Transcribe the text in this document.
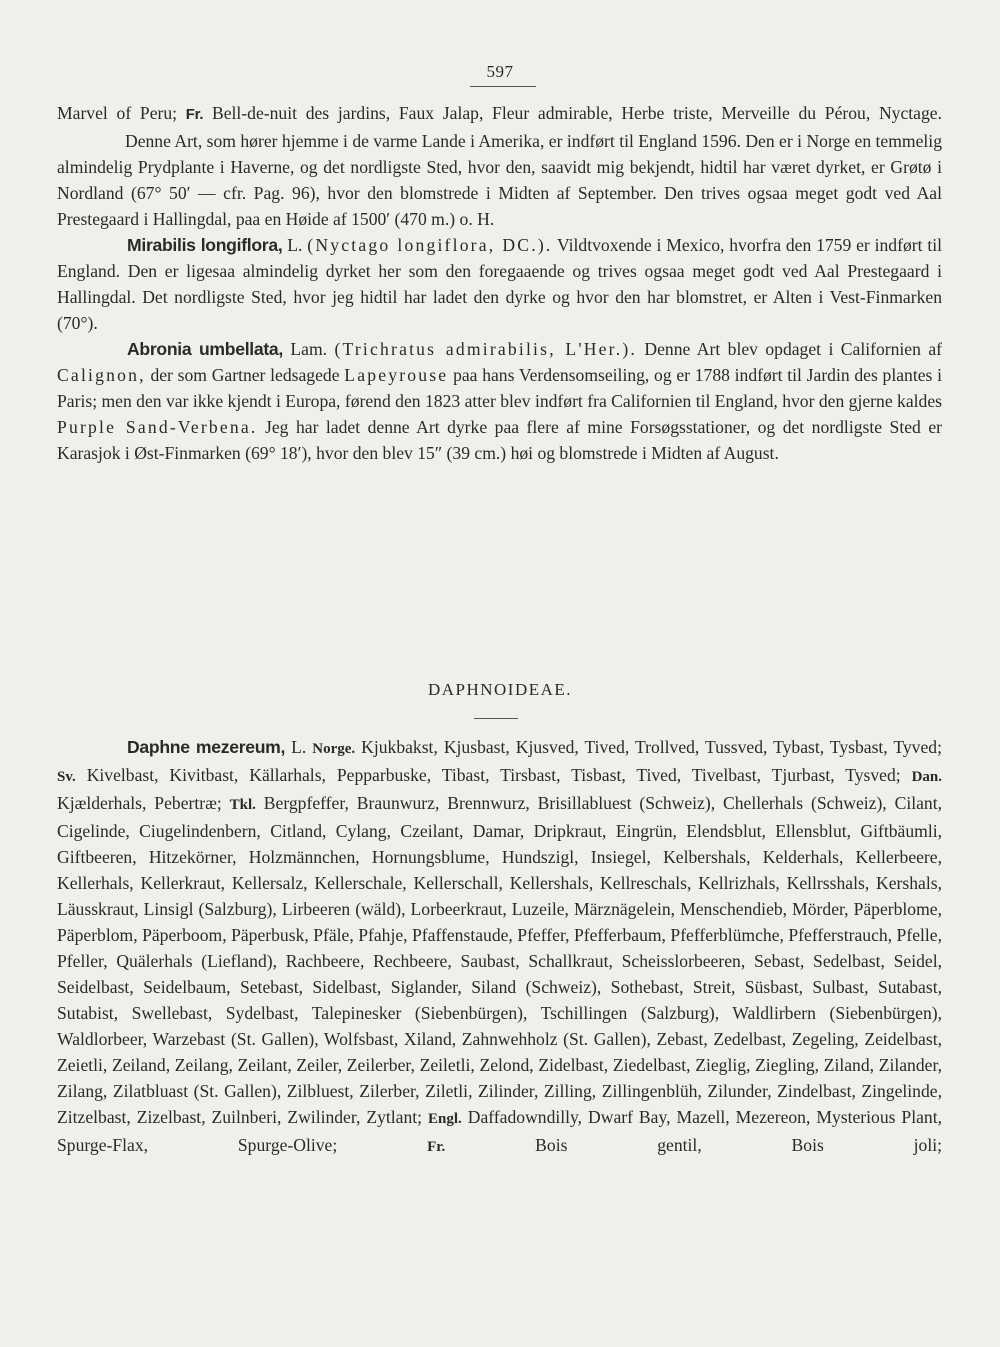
597

Marvel of Peru; Fr. Bell-de-nuit des jardins, Faux Jalap, Fleur admirable, Herbe triste, Merveille du Pérou, Nyctage.

Denne Art, som hører hjemme i de varme Lande i Amerika, er indført til England 1596. Den er i Norge en temmelig almindelig Prydplante i Haverne, og det nordligste Sted, hvor den, saavidt mig bekjendt, hidtil har været dyrket, er Grøtø i Nordland (67° 50′ — cfr. Pag. 96), hvor den blomstrede i Midten af September. Den trives ogsaa meget godt ved Aal Prestegaard i Hallingdal, paa en Høide af 1500′ (470 m.) o. H.

Mirabilis longiflora, L. (Nyctago longiflora, DC.). Vildtvoxende i Mexico, hvorfra den 1759 er indført til England. Den er ligesaa almindelig dyrket her som den foregaaende og trives ogsaa meget godt ved Aal Prestegaard i Hallingdal. Det nordligste Sted, hvor jeg hidtil har ladet den dyrke og hvor den har blomstret, er Alten i Vest-Finmarken (70°).

Abronia umbellata, Lam. (Trichratus admirabilis, L'Her.). Denne Art blev opdaget i Californien af Calignon, der som Gartner ledsagede Lapeyrouse paa hans Verdensomseiling, og er 1788 indført til Jardin des plantes i Paris; men den var ikke kjendt i Europa, førend den 1823 atter blev indført fra Californien til England, hvor den gjerne kaldes Purple Sand-Verbena. Jeg har ladet denne Art dyrke paa flere af mine Forsøgsstationer, og det nordligste Sted er Karasjok i Øst-Finmarken (69° 18′), hvor den blev 15″ (39 cm.) høi og blomstrede i Midten af August.

DAPHNOIDEAE.

Daphne mezereum, L. Norge. Kjukbakst, Kjusbast, Kjusved, Tived, Trollved, Tussved, Tybast, Tysbast, Tyved; Sv. Kivelbast, Kivitbast, Källarhals, Pepparbuske, Tibast, Tirsbast, Tisbast, Tived, Tivelbast, Tjurbast, Tysved; Dan. Kjælderhals, Pebertræ; Tkl. Bergpfeffer, Braunwurz, Brennwurz, Brisillabluest (Schweiz), Chellerhals (Schweiz), Cilant, Cigelinde, Ciugelindenbern, Citland, Cylang, Czeilant, Damar, Dripkraut, Eingrün, Elendsblut, Ellensblut, Giftbäumli, Giftbeeren, Hitzekörner, Holzmännchen, Hornungsblume, Hundszigl, Insiegel, Kelbershals, Kelderhals, Kellerbeere, Kellerhals, Kellerkraut, Kellersalz, Kellerschale, Kellerschall, Kellershals, Kellreschals, Kellrizhals, Kellrsshals, Kershals, Läusskraut, Linsigl (Salzburg), Lirbeeren (wäld), Lorbeerkraut, Luzeile, Märznägelein, Menschendieb, Mörder, Päperblome, Päperblom, Päperboom, Päperbusk, Pfäle, Pfahje, Pfaffenstaude, Pfeffer, Pfefferbaum, Pfefferblümche, Pfefferstrauch, Pfelle, Pfeller, Quälerhals (Liefland), Rachbeere, Rechbeere, Saubast, Schallkraut, Scheisslorbeeren, Sebast, Sedelbast, Seidel, Seidelbast, Seidelbaum, Setebast, Sidelbast, Siglander, Siland (Schweiz), Sothebast, Streit, Süsbast, Sulbast, Sutabast, Sutabist, Swellebast, Sydelbast, Talepinesker (Siebenbürgen), Tschillingen (Salzburg), Waldlirbern (Siebenbürgen), Waldlorbeer, Warzebast (St. Gallen), Wolfsbast, Xiland, Zahnwehholz (St. Gallen), Zebast, Zedelbast, Zegeling, Zeidelbast, Zeietli, Zeiland, Zeilang, Zeilant, Zeiler, Zeilerber, Zeiletli, Zelond, Zidelbast, Ziedelbast, Zieglig, Ziegling, Ziland, Zilander, Zilang, Zilatbluast (St. Gallen), Zilbluest, Zilerber, Ziletli, Zilinder, Zilling, Zillingenblüh, Zilunder, Zindelbast, Zingelinde, Zitzelbast, Zizelbast, Zuilnberi, Zwilinder, Zytlant; Engl. Daffadowndilly, Dwarf Bay, Mazell, Mezereon, Mysterious Plant, Spurge-Flax, Spurge-Olive;	Fr.	Bois gentil, Bois joli;
